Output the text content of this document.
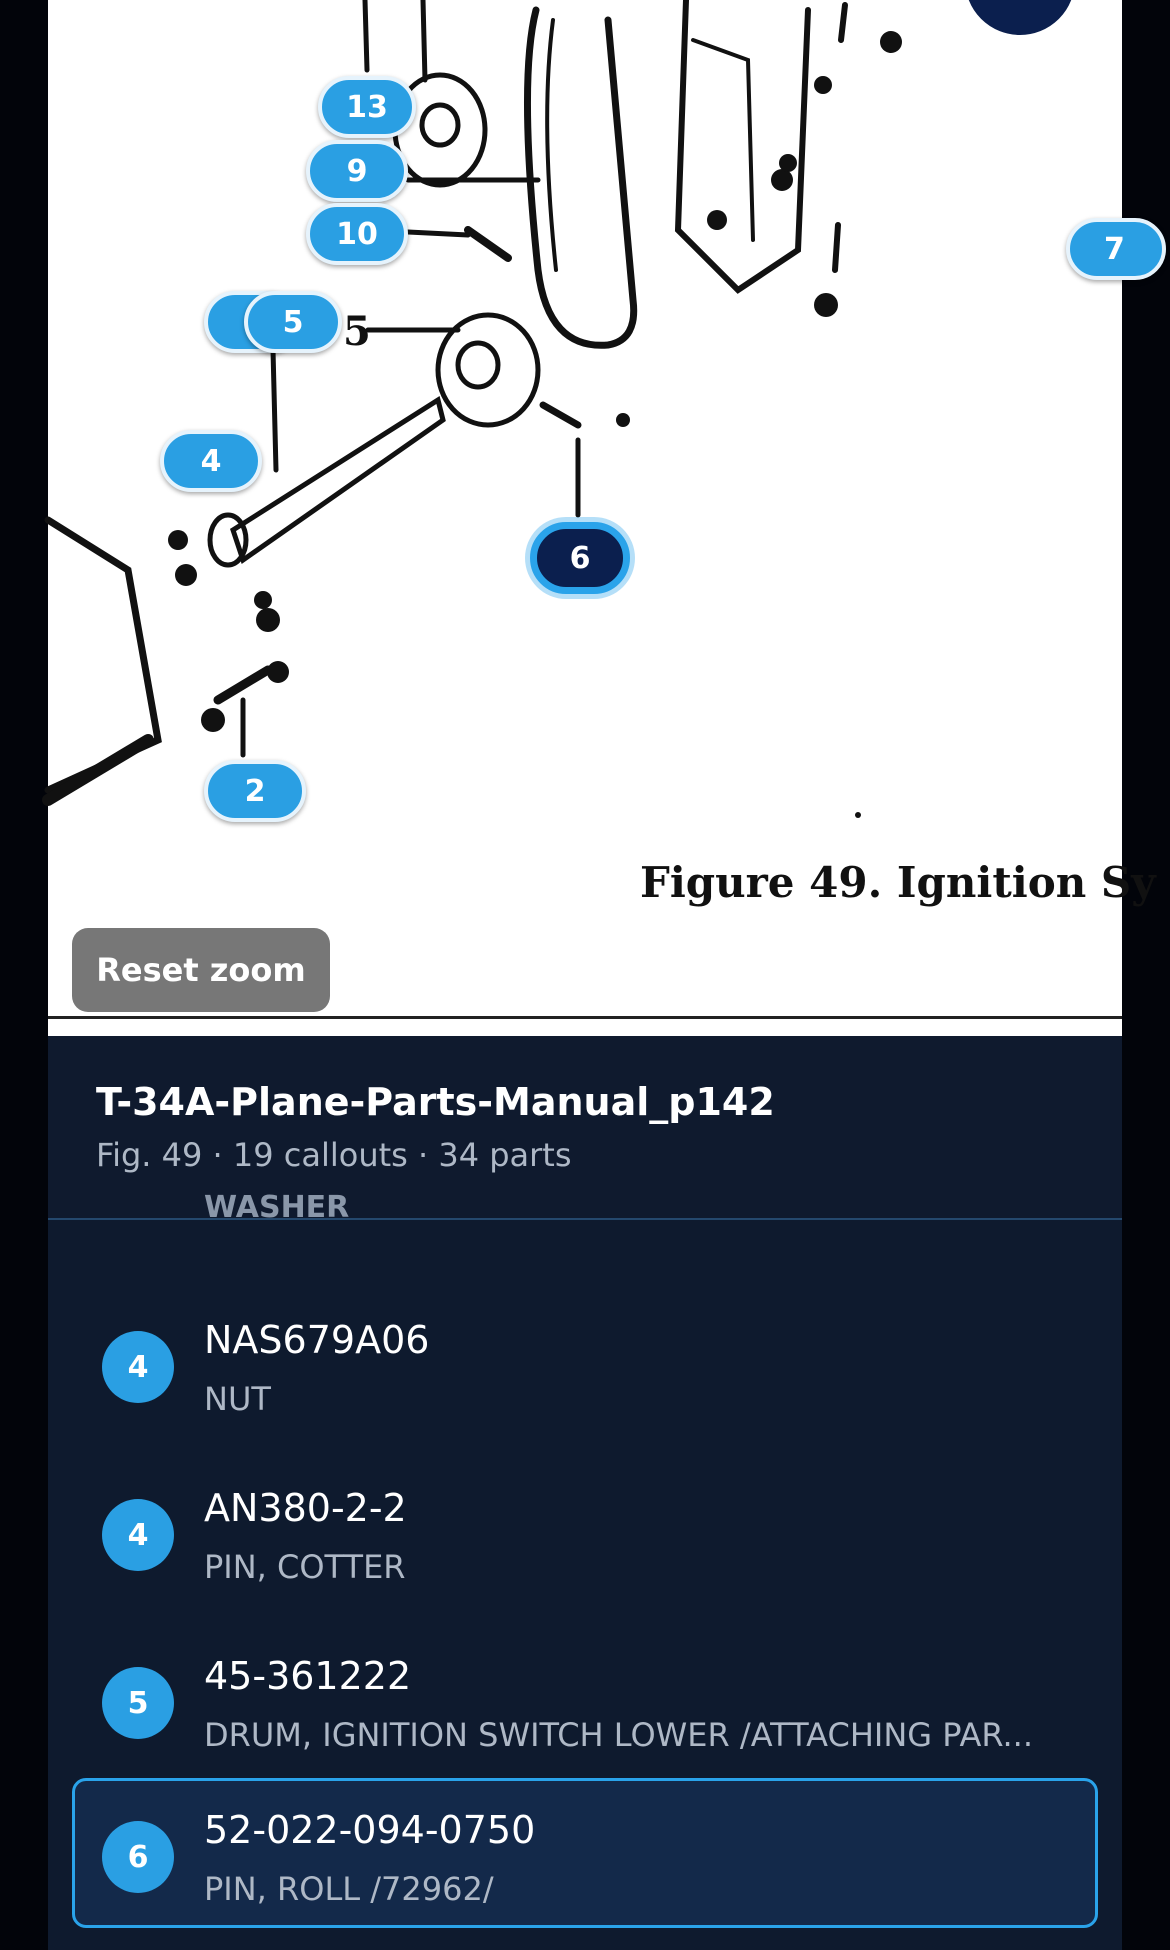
5
13
9
10
5
7
4
6
2
Figure 49. Ignition Sy
Reset zoom
T-34A-Plane-Parts-Manual_p142
Fig. 49 · 19 callouts · 34 parts
WASHER
4
NAS679A06
NUT
4
AN380-2-2
PIN, COTTER
5
45-361222
DRUM, IGNITION SWITCH LOWER /ATTACHING PAR...
6
52-022-094-0750
PIN, ROLL /72962/
